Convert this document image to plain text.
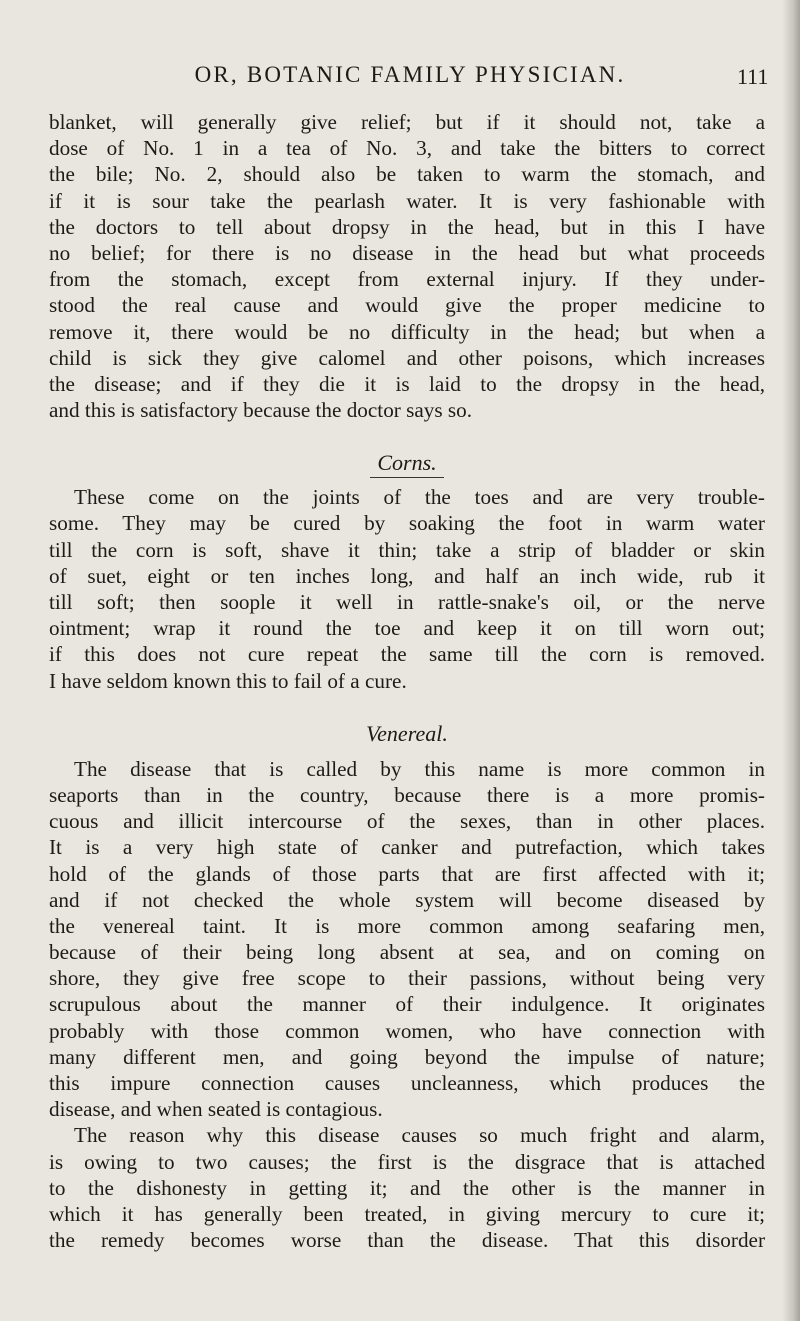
OR, BOTANIC FAMILY PHYSICIAN.	111
blanket, will generally give relief; but if it should not, take a
dose of No. 1 in a tea of No. 3, and take the bitters to correct
the bile; No. 2, should also be taken to warm the stomach, and
if it is sour take the pearlash water. It is very fashionable with
the doctors to tell about dropsy in the head, but in this I have
no belief; for there is no disease in the head but what proceeds
from the stomach, except from external injury. If they under-
stood the real cause and would give the proper medicine to
remove it, there would be no difficulty in the head; but when a
child is sick they give calomel and other poisons, which increases
the disease; and if they die it is laid to the dropsy in the head,
and this is satisfactory because the doctor says so.
Corns.
These come on the joints of the toes and are very trouble-
some. They may be cured by soaking the foot in warm water
till the corn is soft, shave it thin; take a strip of bladder or skin
of suet, eight or ten inches long, and half an inch wide, rub it
till soft; then soople it well in rattle-snake's oil, or the nerve
ointment; wrap it round the toe and keep it on till worn out;
if this does not cure repeat the same till the corn is removed.
I have seldom known this to fail of a cure.
Venereal.
The disease that is called by this name is more common in
seaports than in the country, because there is a more promis-
cuous and illicit intercourse of the sexes, than in other places.
It is a very high state of canker and putrefaction, which takes
hold of the glands of those parts that are first affected with it;
and if not checked the whole system will become diseased by
the venereal taint. It is more common among seafaring men,
because of their being long absent at sea, and on coming on
shore, they give free scope to their passions, without being very
scrupulous about the manner of their indulgence. It originates
probably with those common women, who have connection with
many different men, and going beyond the impulse of nature;
this impure connection causes uncleanness, which produces the
disease, and when seated is contagious.
The reason why this disease causes so much fright and alarm,
is owing to two causes; the first is the disgrace that is attached
to the dishonesty in getting it; and the other is the manner in
which it has generally been treated, in giving mercury to cure it;
the remedy becomes worse than the disease. That this disorder
